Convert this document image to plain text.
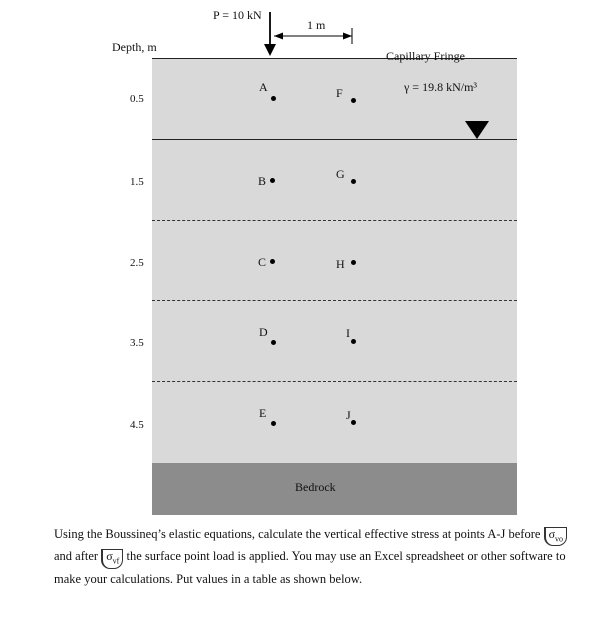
P = 10 kN
1 m
Depth, m
0.5
1.5
2.5
3.5
4.5
Capillary Fringe
γ = 19.8 kN/m³
A
B
C
D
E
F
G
H
I
J
Bedrock
Using the Boussineq’s elastic equations, calculate the vertical effective stress at points A-J before $\sigma_{vo}$ and after $\sigma_{vf}$ the surface point load is applied. You may use an Excel spreadsheet or other software to make your calculations. Put values in a table as shown below.
